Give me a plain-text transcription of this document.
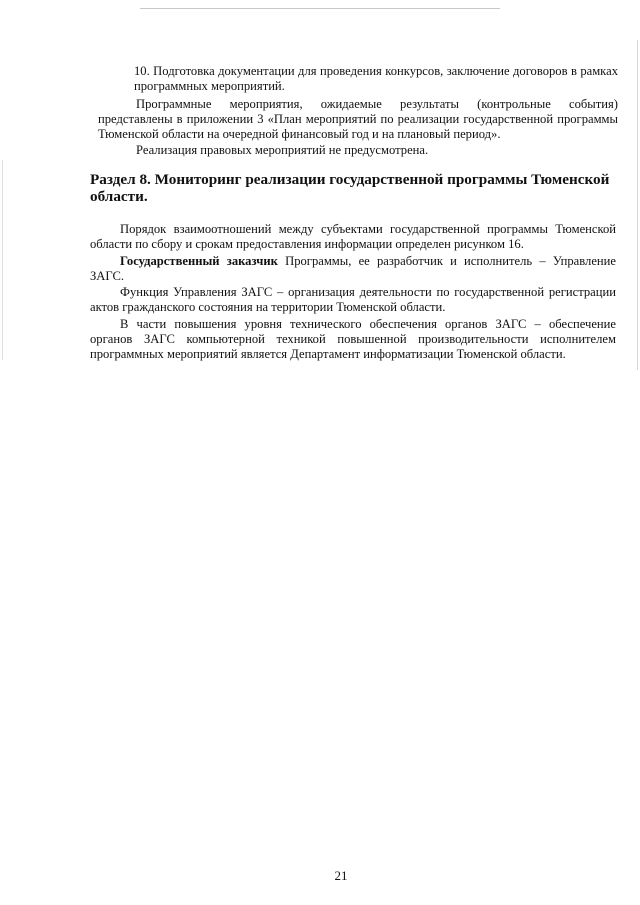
10. Подготовка документации для проведения конкурсов, заключение договоров в рамках программных мероприятий.
Программные мероприятия, ожидаемые результаты (контрольные события) представлены в приложении 3 «План мероприятий по реализации государственной программы Тюменской области на очередной финансовый год и на плановый период».
Реализация правовых мероприятий не предусмотрена.
Раздел 8. Мониторинг реализации государственной программы Тюменской области.
Порядок взаимоотношений между субъектами государственной программы Тюменской области по сбору и срокам предоставления информации определен рисунком 16.
Государственный заказчик Программы, ее разработчик и исполнитель – Управление ЗАГС.
Функция Управления ЗАГС – организация деятельности по государственной регистрации актов гражданского состояния на территории Тюменской области.
В части повышения уровня технического обеспечения органов ЗАГС – обеспечение органов ЗАГС компьютерной техникой повышенной производительности исполнителем программных мероприятий является Департамент информатизации Тюменской области.
21
